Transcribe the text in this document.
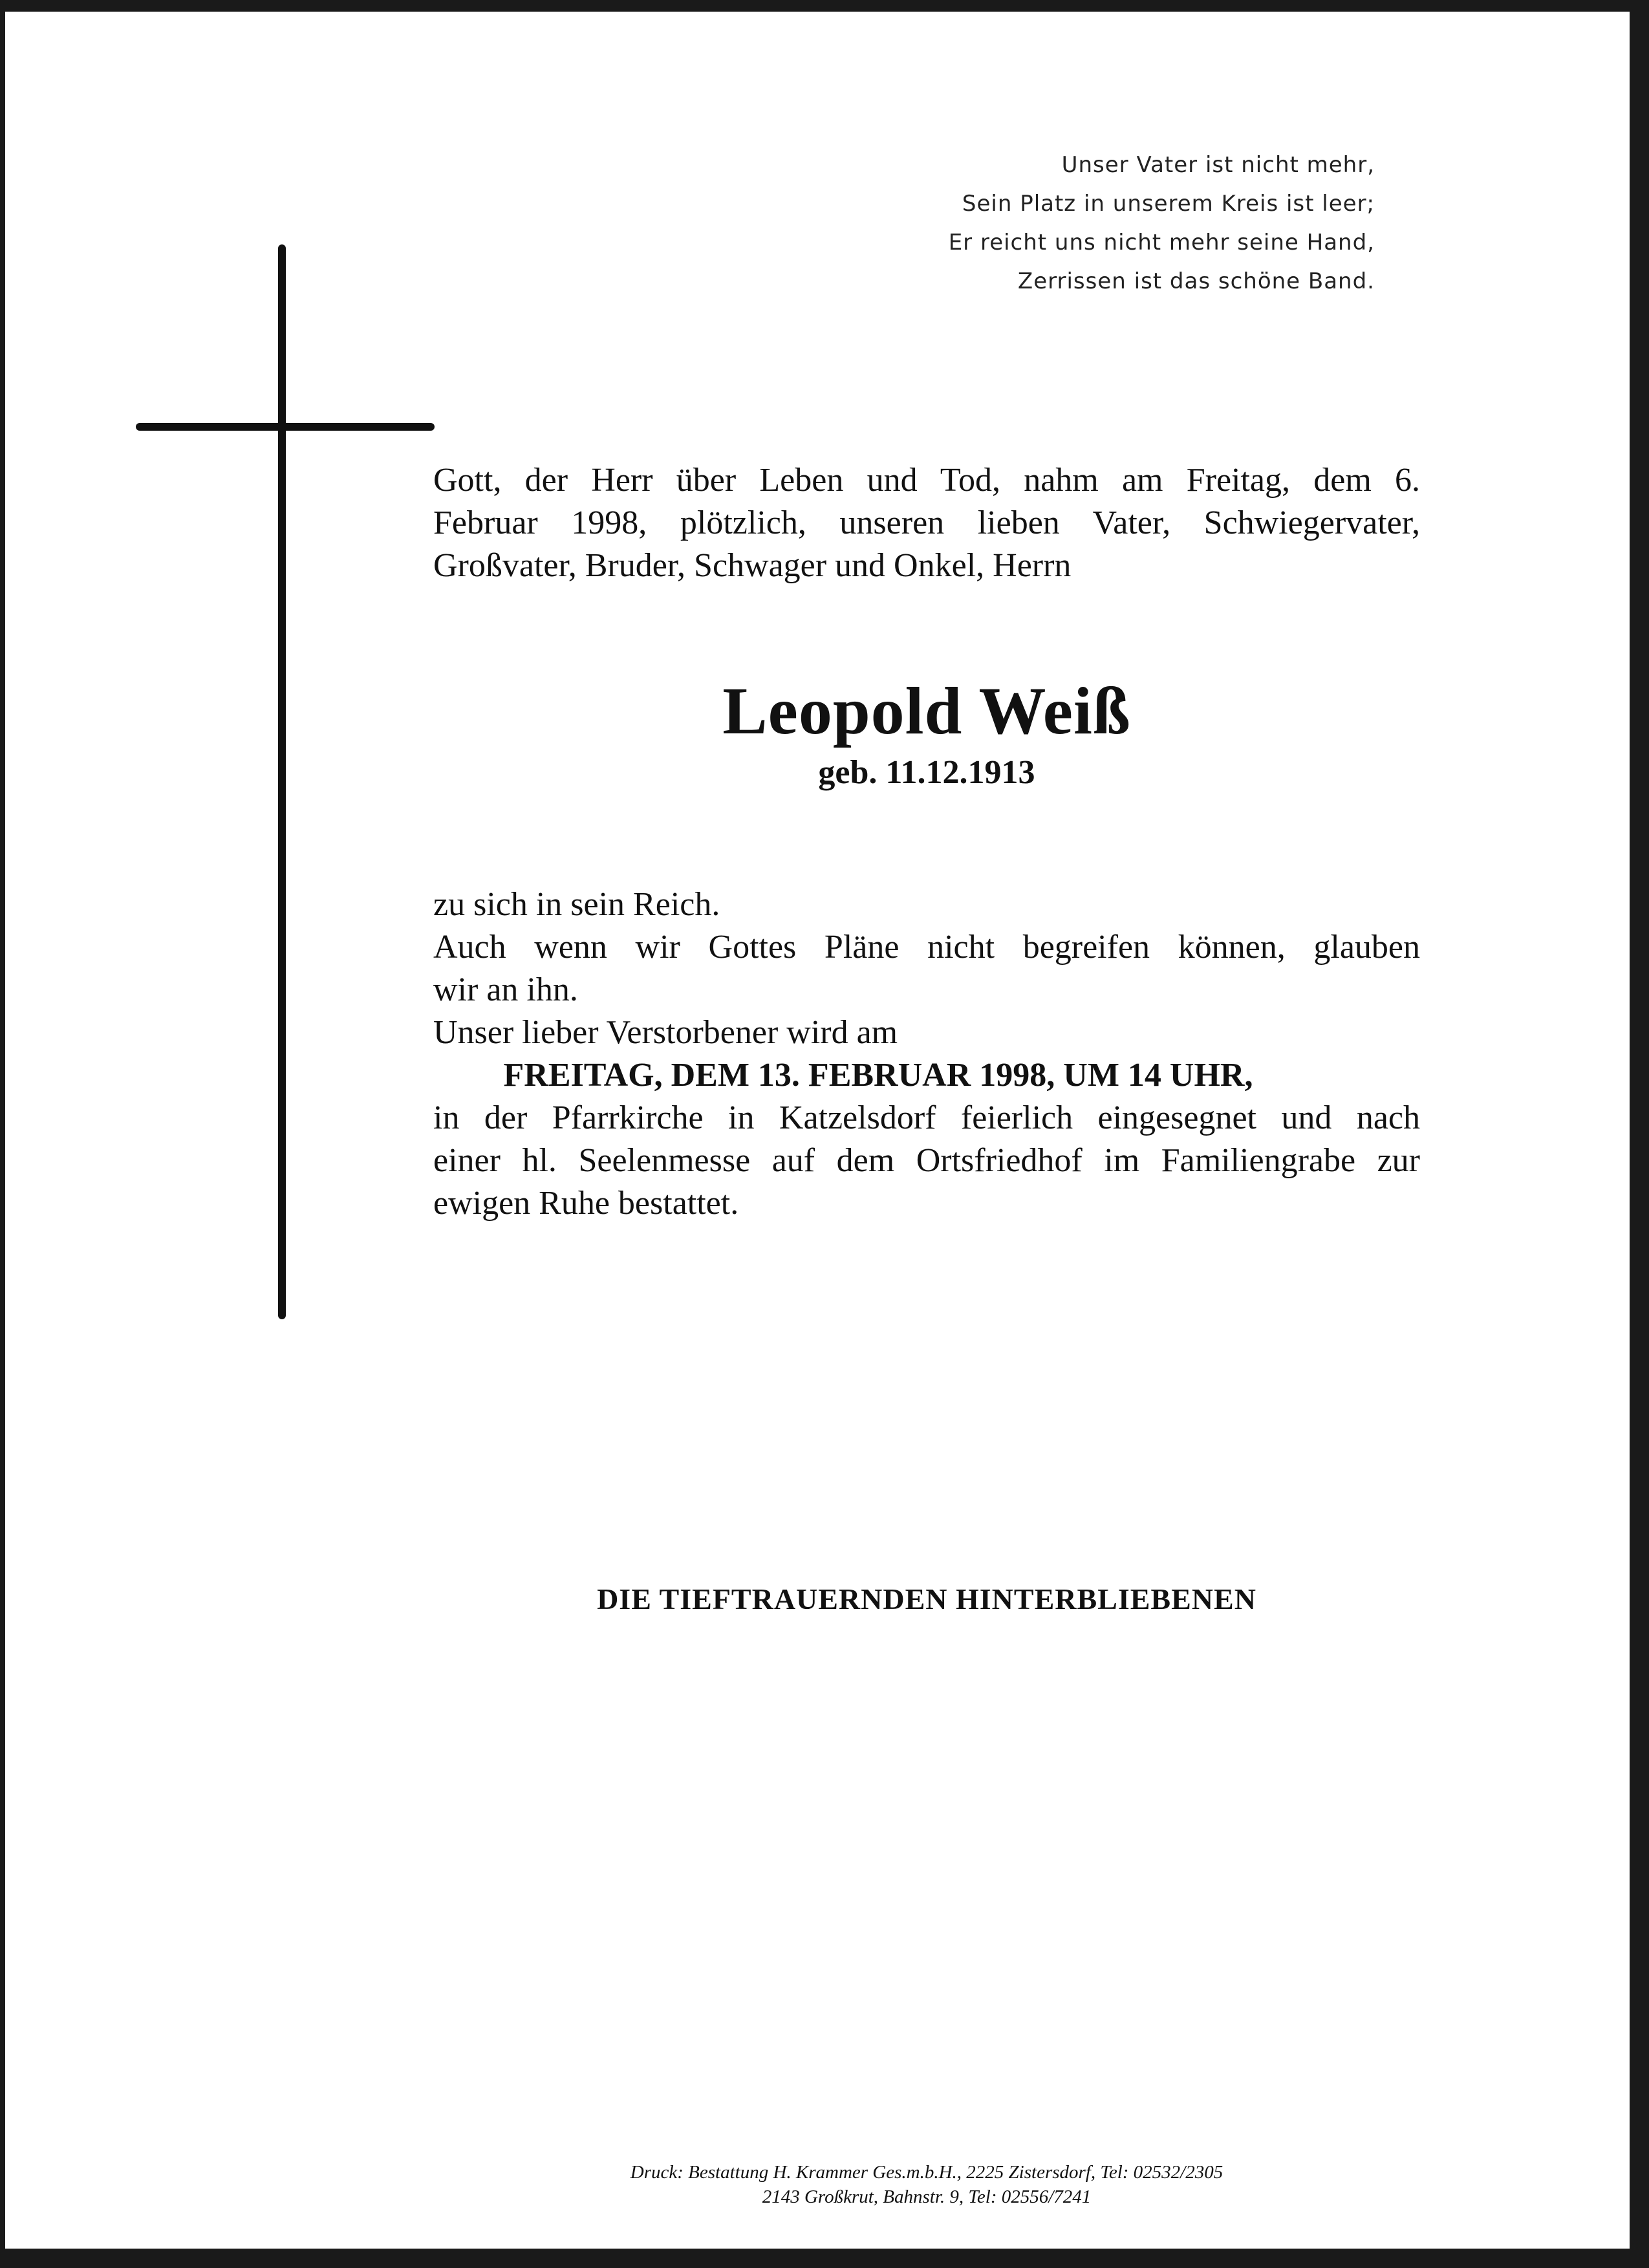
Unser Vater ist nicht mehr,
Sein Platz in unserem Kreis ist leer;
Er reicht uns nicht mehr seine Hand,
Zerrissen ist das schöne Band.
Gott, der Herr über Leben und Tod, nahm am Freitag, dem 6.
Februar 1998, plötzlich, unseren lieben Vater, Schwiegervater,
Großvater, Bruder, Schwager und Onkel, Herrn
Leopold Weiß
geb. 11.12.1913
zu sich in sein Reich.
Auch wenn wir Gottes Pläne nicht begreifen können, glauben
wir an ihn.
Unser lieber Verstorbener wird am
FREITAG, DEM 13. FEBRUAR 1998, UM 14 UHR,
in der Pfarrkirche in Katzelsdorf feierlich eingesegnet und nach
einer hl. Seelenmesse auf dem Ortsfriedhof im Familiengrabe zur
ewigen Ruhe bestattet.
DIE TIEFTRAUERNDEN HINTERBLIEBENEN
Druck: Bestattung H. Krammer Ges.m.b.H., 2225 Zistersdorf, Tel: 02532/2305
2143 Großkrut, Bahnstr. 9, Tel: 02556/7241
